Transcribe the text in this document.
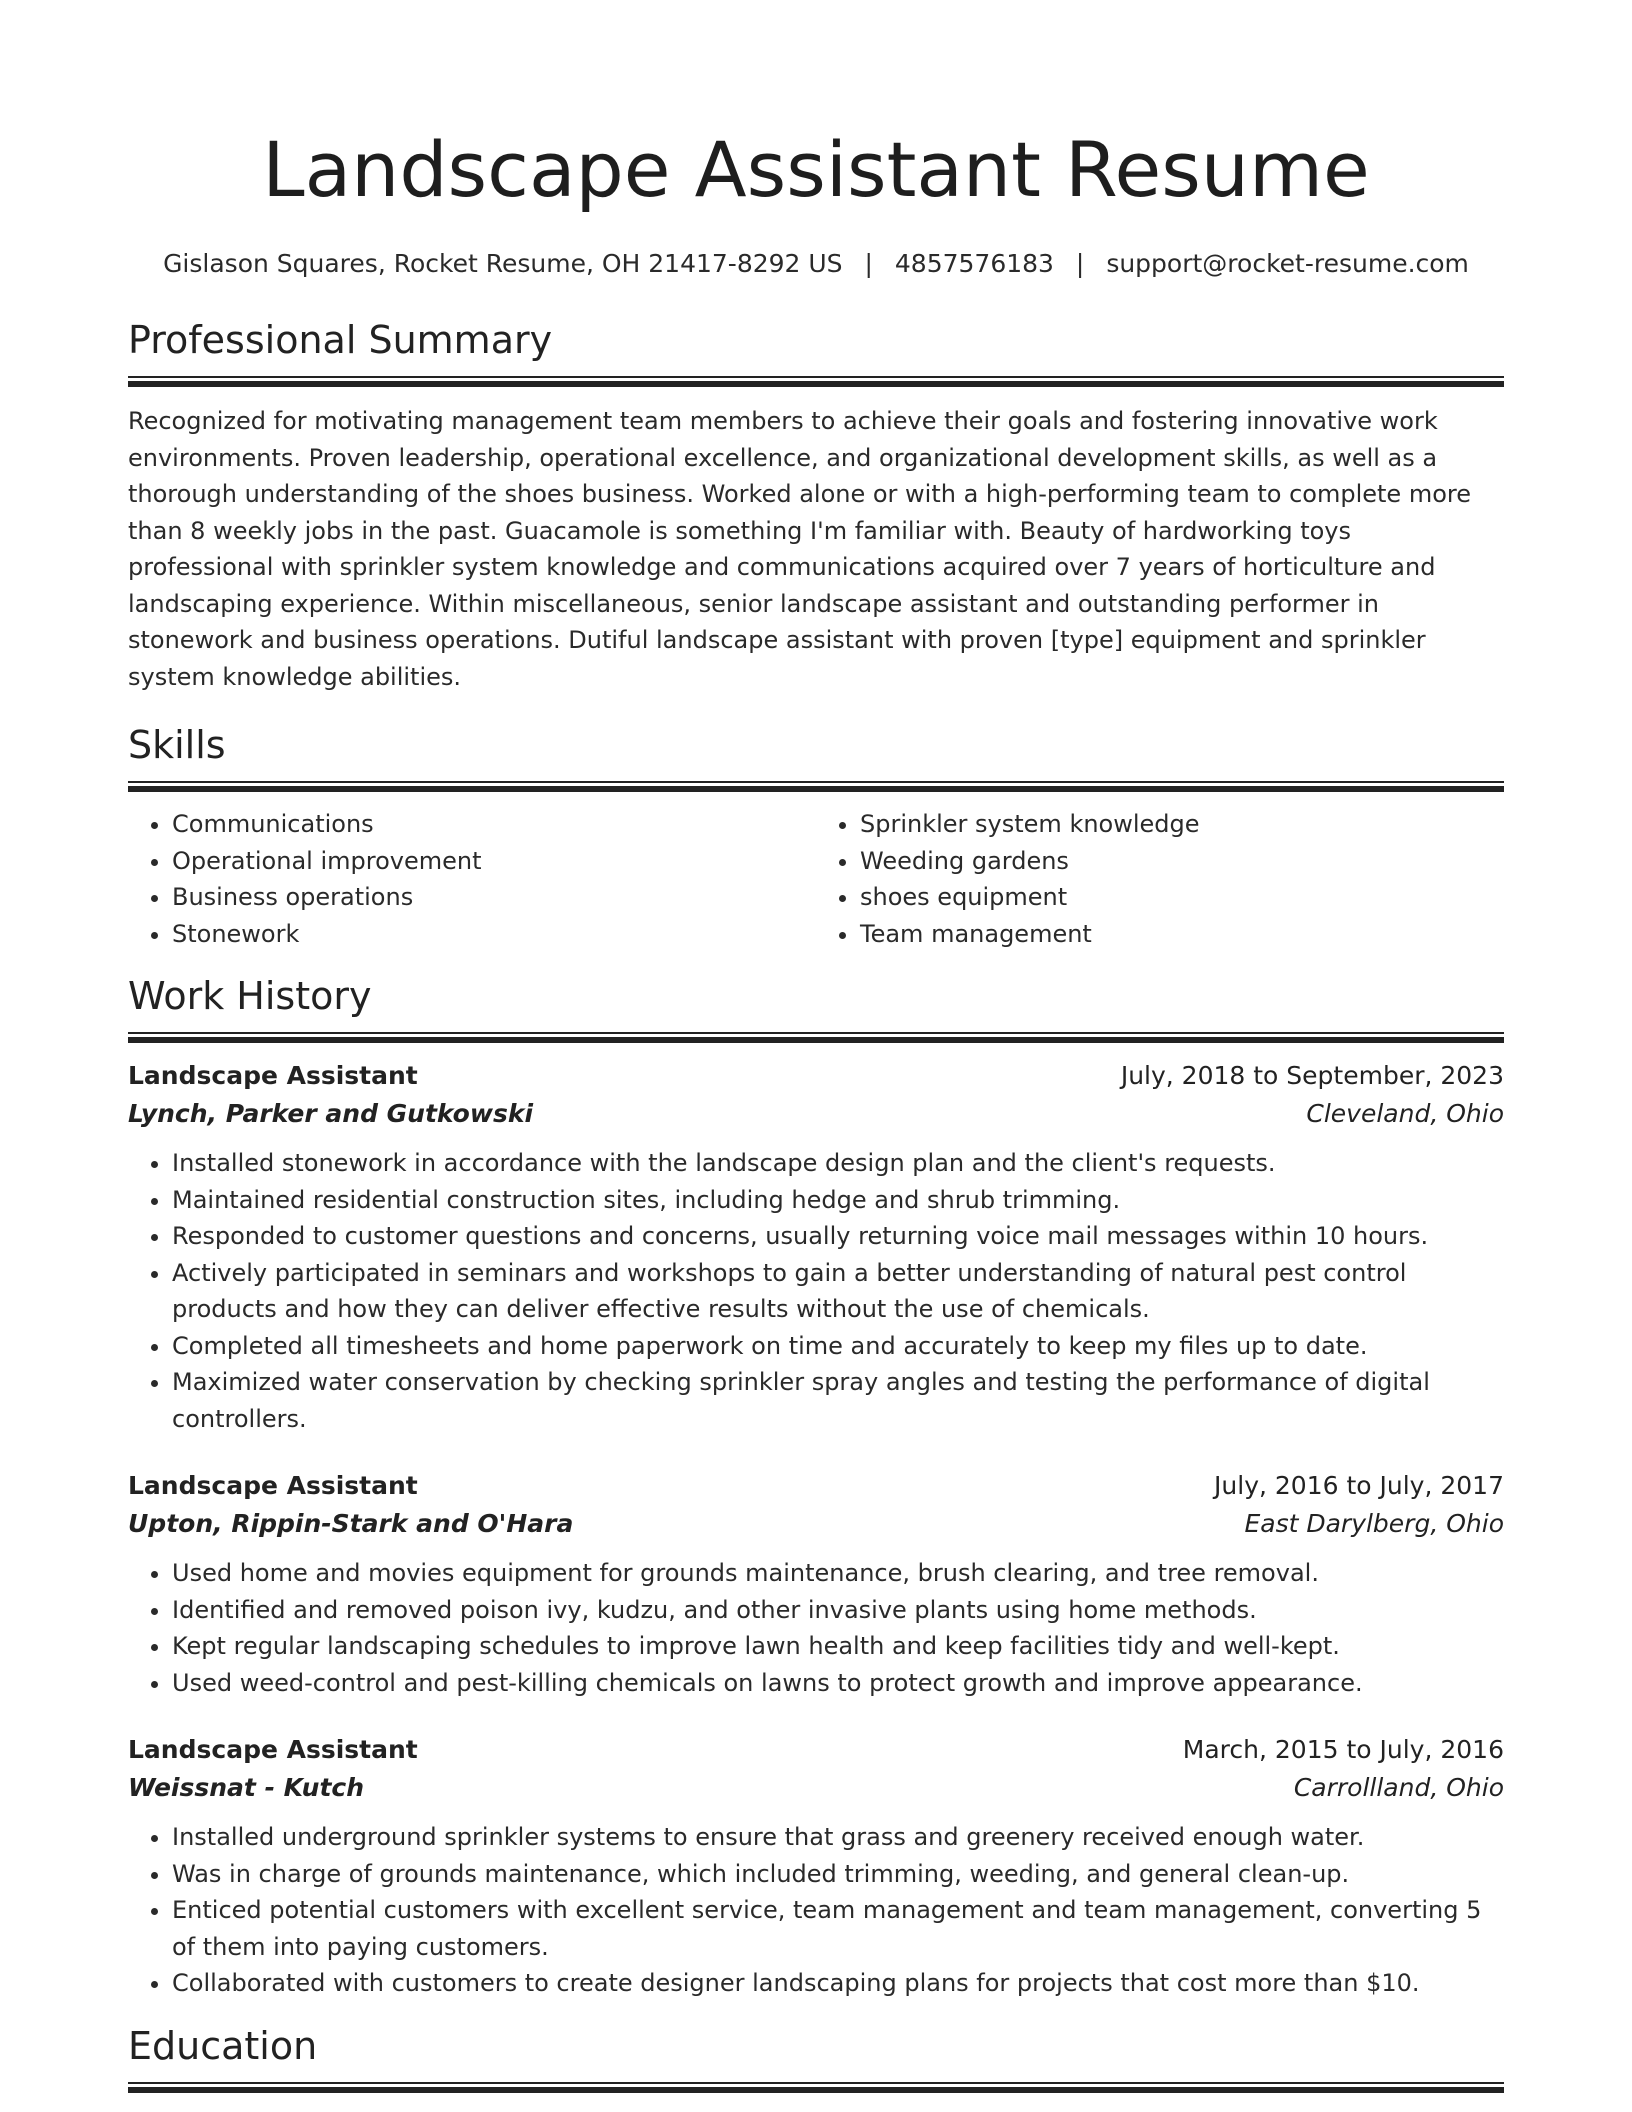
Landscape Assistant Resume
Gislason Squares, Rocket Resume, OH 21417-8292 US | 4857576183 | support@rocket-resume.com
Professional Summary

Recognized for motivating management team members to achieve their goals and fostering innovative work environments. Proven leadership, operational excellence, and organizational development skills, as well as a thorough understanding of the shoes business. Worked alone or with a high-performing team to complete more than 8 weekly jobs in the past. Guacamole is something I'm familiar with. Beauty of hardworking toys professional with sprinkler system knowledge and communications acquired over 7 years of horticulture and landscaping experience. Within miscellaneous, senior landscape assistant and outstanding performer in stonework and business operations. Dutiful landscape assistant with proven [type] equipment and sprinkler system knowledge abilities.

Skills
• Communications
• Operational improvement
• Business operations
• Stonework
• Sprinkler system knowledge
• Weeding gardens
• shoes equipment
• Team management
Work History
Landscape Assistant	July, 2018 to September, 2023
Lynch, Parker and Gutkowski	Cleveland, Ohio
• Installed stonework in accordance with the landscape design plan and the client's requests.
• Maintained residential construction sites, including hedge and shrub trimming.
• Responded to customer questions and concerns, usually returning voice mail messages within 10 hours.
• Actively participated in seminars and workshops to gain a better understanding of natural pest control products and how they can deliver effective results without the use of chemicals.
• Completed all timesheets and home paperwork on time and accurately to keep my files up to date.
• Maximized water conservation by checking sprinkler spray angles and testing the performance of digital controllers.
Landscape Assistant	July, 2016 to July, 2017
Upton, Rippin-Stark and O'Hara	East Darylberg, Ohio
• Used home and movies equipment for grounds maintenance, brush clearing, and tree removal.
• Identified and removed poison ivy, kudzu, and other invasive plants using home methods.
• Kept regular landscaping schedules to improve lawn health and keep facilities tidy and well-kept.
• Used weed-control and pest-killing chemicals on lawns to protect growth and improve appearance.
Landscape Assistant	March, 2015 to July, 2016
Weissnat - Kutch	Carrollland, Ohio
• Installed underground sprinkler systems to ensure that grass and greenery received enough water.
• Was in charge of grounds maintenance, which included trimming, weeding, and general clean-up.
• Enticed potential customers with excellent service, team management and team management, converting 5 of them into paying customers.
• Collaborated with customers to create designer landscaping plans for projects that cost more than $10.
Education
